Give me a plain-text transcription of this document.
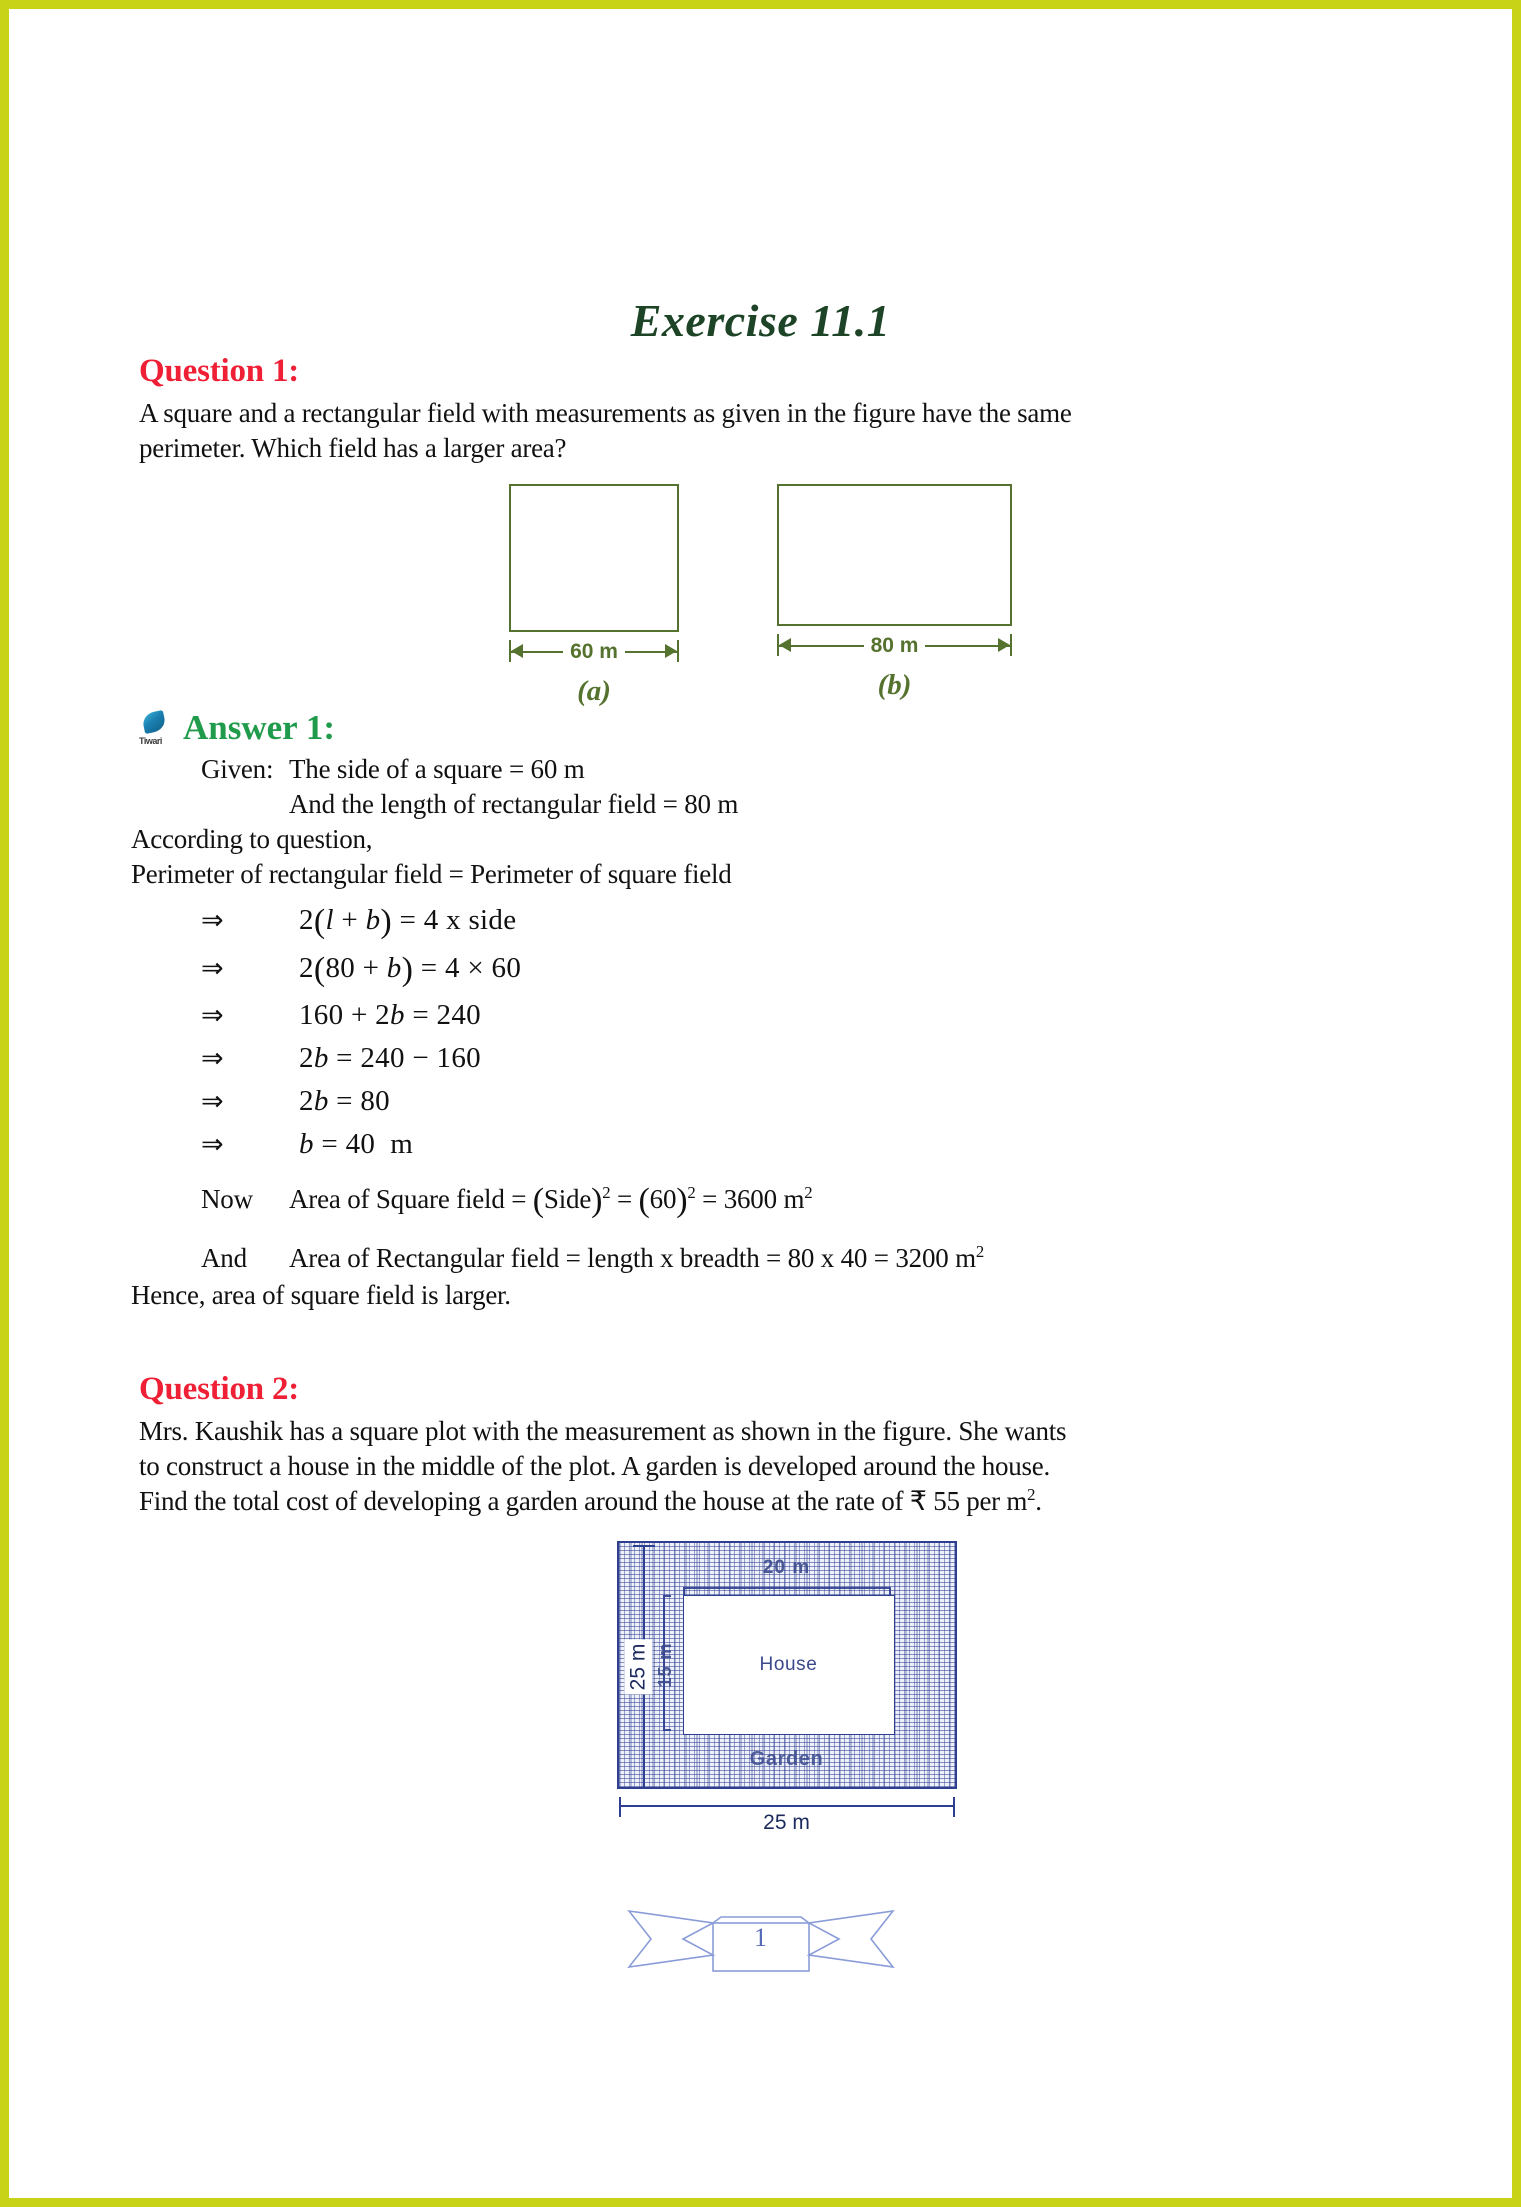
Exercise 11.1
Question 1:
A square and a rectangular field with measurements as given in the figure have the same
perimeter. Which field has a larger area?
60 m
(a)
80 m
(b)
Tiwari Answer 1:
Given: The side of a square = 60 m
And the length of rectangular field = 80 m
According to question,
Perimeter of rectangular field = Perimeter of square field
⇒	2(l + b) = 4 x side
⇒	2(80 + b) = 4 × 60
⇒	160 + 2b = 240
⇒	2b = 240 − 160
⇒	2b = 80
⇒	b = 40  m
Now	Area of Square field = (Side)$^2$ = $(60)^2 = 3600$ $m^2$
And	Area of Rectangular field = length x breadth = 80 x 40 = 3200 $m^2$
Hence, area of square field is larger.
Question 2:
Mrs. Kaushik has a square plot with the measurement as shown in the figure. She wants
to construct a house in the middle of the plot. A garden is developed around the house.
Find the total cost of developing a garden around the house at the rate of ₹ 55 per $m^2$.
25 m
20 m
15 m
Garden
House
25 m
1
